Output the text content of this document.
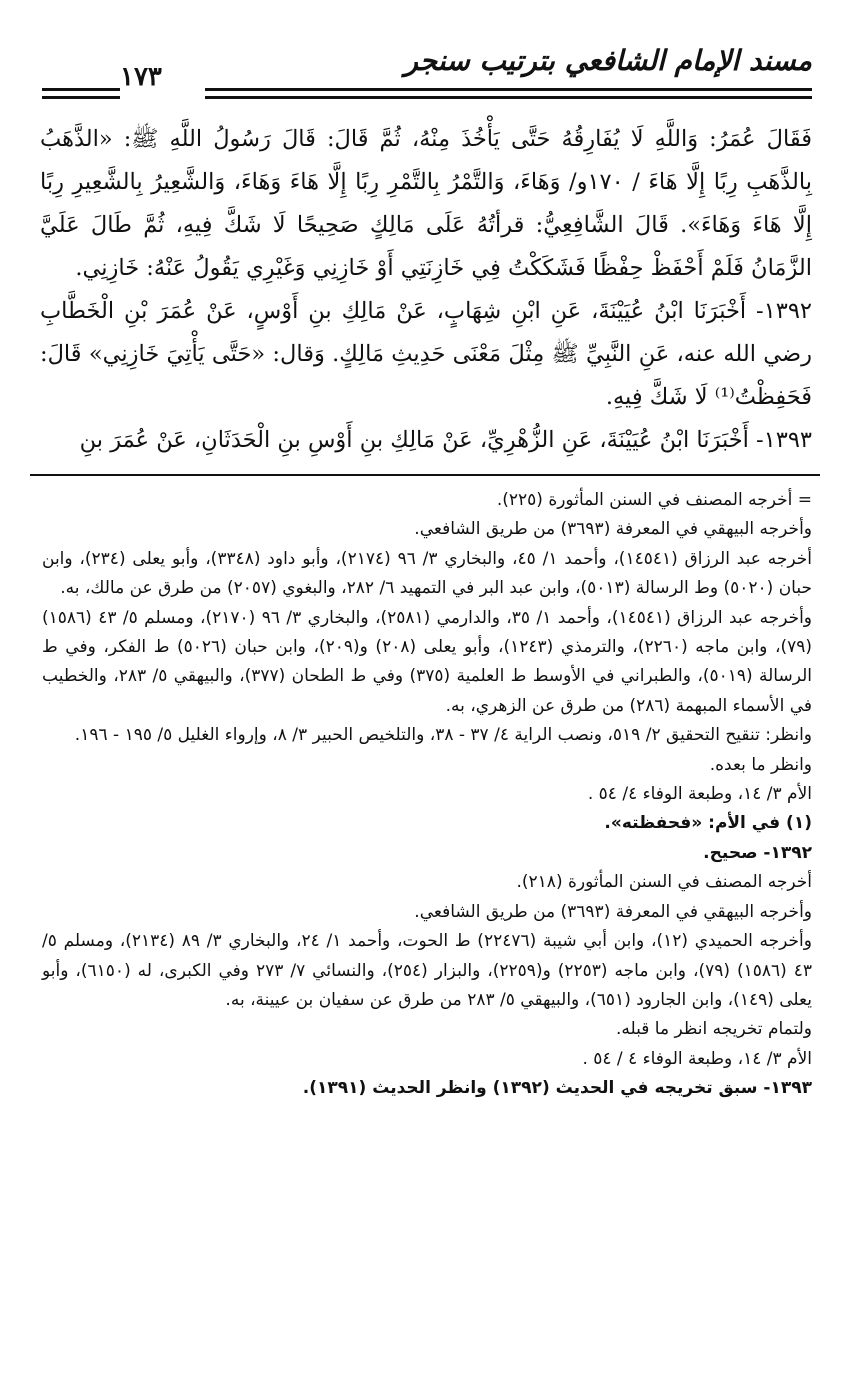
مسند الإمام الشافعي بترتيب سنجر
١٧٣

فَقَالَ عُمَرُ: وَاللَّهِ لَا يُفَارِقُهُ حَتَّى يَأْخُذَ مِنْهُ، ثُمَّ قَالَ: قَالَ رَسُولُ اللَّهِ ﷺ: «الذَّهَبُ بِالذَّهَبِ رِبًا إِلَّا هَاءَ / ١٧٠و/ وَهَاءَ، وَالتَّمْرُ بِالتَّمْرِ رِبًا إِلَّا هَاءَ وَهَاءَ، وَالشَّعِيرُ بِالشَّعِيرِ رِبًا إِلَّا هَاءَ وَهَاءَ». قَالَ الشَّافِعِيُّ: قرأتُهُ عَلَى مَالِكٍ صَحِيحًا لَا شَكَّ فِيهِ، ثُمَّ طَالَ عَلَيَّ الزَّمَانُ فَلَمْ أَحْفَظْ حِفْظًا فَشَكَكْتُ فِي خَازِنَتِي أَوْ خَازِنِي وَغَيْرِي يَقُولُ عَنْهُ: خَازِنِي.

١٣٩٢- أَخْبَرَنَا ابْنُ عُيَيْنَةَ، عَنِ ابْنِ شِهَابٍ، عَنْ مَالِكِ بنِ أَوْسٍ، عَنْ عُمَرَ بْنِ الْخَطَّابِ رضي الله عنه، عَنِ النَّبِيِّ ﷺ مِثْلَ مَعْنَى حَدِيثِ مَالِكٍ. وَقال: «حَتَّى يَأْتِيَ خَازِنِي» قَالَ: فَحَفِظْتُ⁽¹⁾ لَا شَكَّ فِيهِ.

١٣٩٣- أَخْبَرَنَا ابْنُ عُيَيْنَةَ، عَنِ الزُّهْرِيِّ، عَنْ مَالِكِ بنِ أَوْسِ بنِ الْحَدَثَانِ، عَنْ عُمَرَ بنِ

= أخرجه المصنف في السنن المأثورة (٢٢٥).

وأخرجه البيهقي في المعرفة (٣٦٩٣) من طريق الشافعي.

أخرجه عبد الرزاق (١٤٥٤١)، وأحمد ١/ ٤٥، والبخاري ٣/ ٩٦ (٢١٧٤)، وأبو داود (٣٣٤٨)، وأبو يعلى (٢٣٤)، وابن حبان (٥٠٢٠) وط الرسالة (٥٠١٣)، وابن عبد البر في التمهيد ٦/ ٢٨٢، والبغوي (٢٠٥٧) من طرق عن مالك، به.

وأخرجه عبد الرزاق (١٤٥٤١)، وأحمد ١/ ٣٥، والدارمي (٢٥٨١)، والبخاري ٣/ ٩٦ (٢١٧٠)، ومسلم ٥/ ٤٣ (١٥٨٦) (٧٩)، وابن ماجه (٢٢٦٠)، والترمذي (١٢٤٣)، وأبو يعلى (٢٠٨) و(٢٠٩)، وابن حبان (٥٠٢٦) ط الفكر، وفي ط الرسالة (٥٠١٩)، والطبراني في الأوسط ط العلمية (٣٧٥) وفي ط الطحان (٣٧٧)، والبيهقي ٥/ ٢٨٣، والخطيب في الأسماء المبهمة (٢٨٦) من طرق عن الزهري، به.

وانظر: تنقيح التحقيق ٢/ ٥١٩، ونصب الراية ٤/ ٣٧ - ٣٨، والتلخيص الحبير ٣/ ٨، وإرواء الغليل ٥/ ١٩٥ - ١٩٦.

وانظر ما بعده.

الأم ٣/ ١٤، وطبعة الوفاء ٤/ ٥٤ .

(١) في الأم: «فحفظته».

١٣٩٢- صحيح.

أخرجه المصنف في السنن المأثورة (٢١٨).

وأخرجه البيهقي في المعرفة (٣٦٩٣) من طريق الشافعي.

وأخرجه الحميدي (١٢)، وابن أبي شيبة (٢٢٤٧٦) ط الحوت، وأحمد ١/ ٢٤، والبخاري ٣/ ٨٩ (٢١٣٤)، ومسلم ٥/ ٤٣ (١٥٨٦) (٧٩)، وابن ماجه (٢٢٥٣) و(٢٢٥٩)، والبزار (٢٥٤)، والنسائي ٧/ ٢٧٣ وفي الكبرى، له (٦١٥٠)، وأبو يعلى (١٤٩)، وابن الجارود (٦٥١)، والبيهقي ٥/ ٢٨٣ من طرق عن سفيان بن عيينة، به.

ولتمام تخريجه انظر ما قبله.

الأم ٣/ ١٤، وطبعة الوفاء ٤ / ٥٤ .

١٣٩٣- سبق تخريجه في الحديث (١٣٩٢) وانظر الحديث (١٣٩١).
